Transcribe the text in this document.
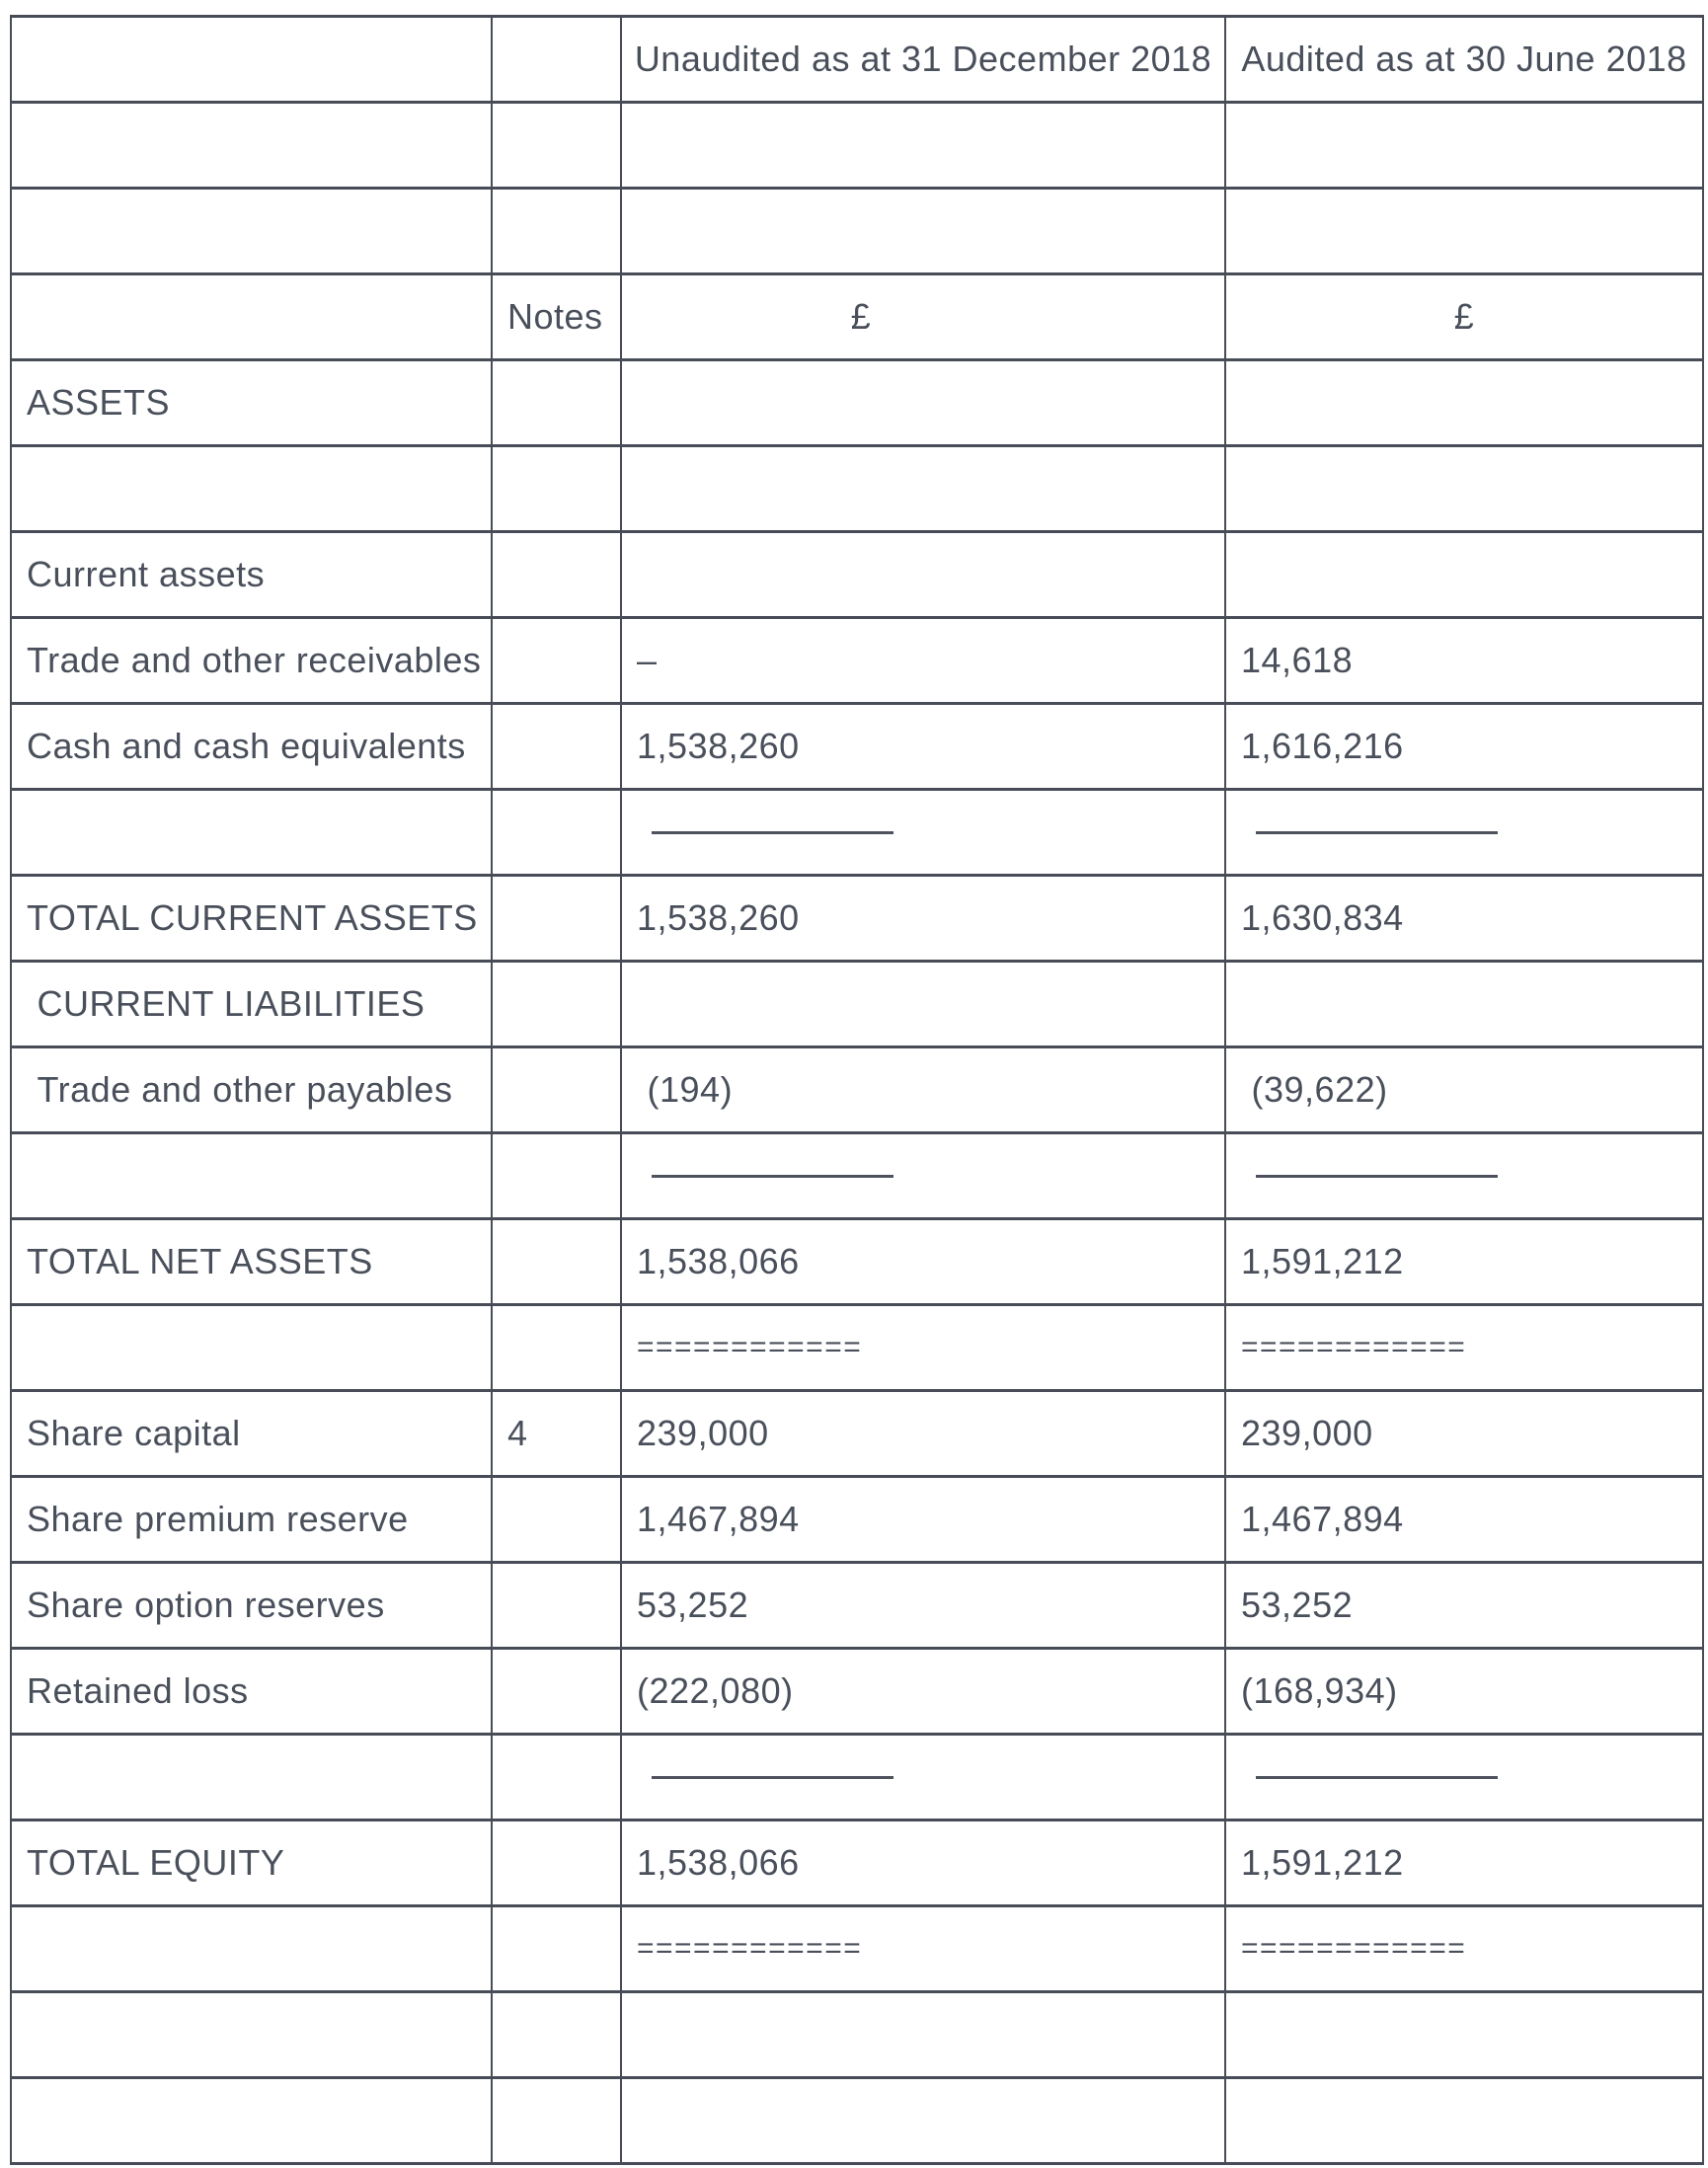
		Unaudited as at 31 December 2018	Audited as at 30 June 2018

	Notes	£	£
ASSETS			

Current assets			
Trade and other receivables		–	14,618
Cash and cash equivalents		1,538,260	1,616,216

TOTAL CURRENT ASSETS		1,538,260	1,630,834
CURRENT LIABILITIES			
Trade and other payables		(194)	(39,622)

TOTAL NET ASSETS		1,538,066	1,591,212
		============	============
Share capital	4	239,000	239,000
Share premium reserve		1,467,894	1,467,894
Share option reserves		53,252	53,252
Retained loss		(222,080)	(168,934)

TOTAL EQUITY		1,538,066	1,591,212
		============	============
